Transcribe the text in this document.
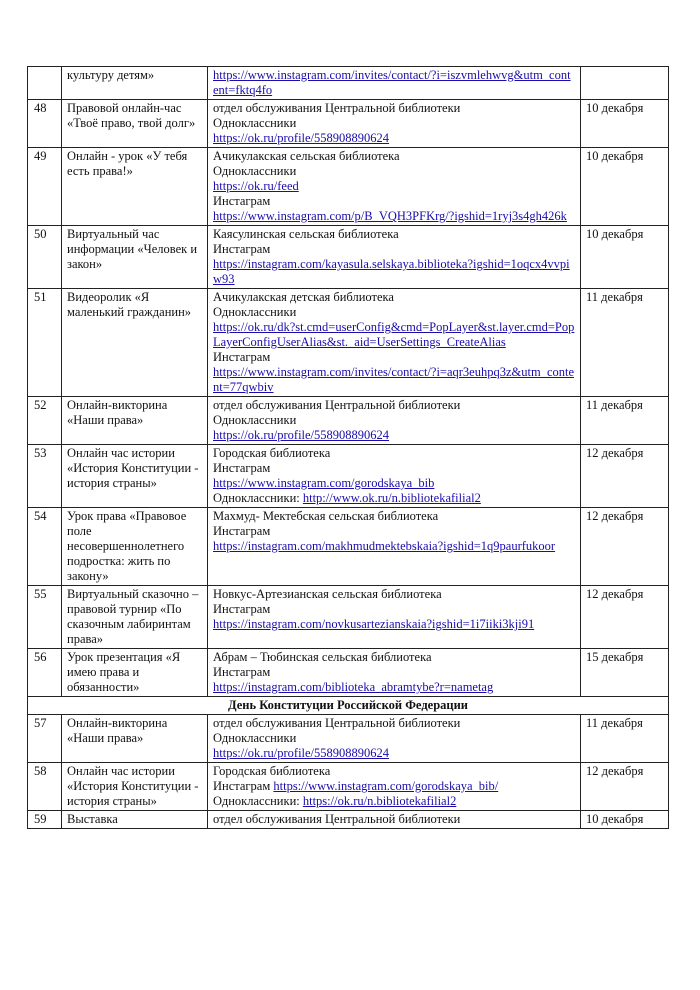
	культуру детям»	https://www.instagram.com/invites/contact/?i=iszvmlehwvg&utm_content=fktq4fo	

48	Правовой онлайн-час «Твоё право, твой долг»	отдел обслуживания Центральной библиотеки
Одноклассники
https://ok.ru/profile/558908890624	10 декабря
49	Онлайн - урок «У тебя есть права!»	Ачикулакская сельская библиотека
Одноклассники
https://ok.ru/feed
Инстаграм
https://www.instagram.com/p/B_VQH3PFKrg/?igshid=1ryj3s4gh426k	10 декабря
50	Виртуальный час информации «Человек и закон»	Каясулинская сельская библиотека
Инстаграм
https://instagram.com/kayasula.selskaya.biblioteka?igshid=1oqcx4vvpiw93	10 декабря
51	Видеоролик «Я маленький гражданин»	Ачикулакская детская библиотека
Одноклассники
https://ok.ru/dk?st.cmd=userConfig&cmd=PopLayer&st.layer.cmd=PopLayerConfigUserAlias&st._aid=UserSettings_CreateAlias
Инстаграм
https://www.instagram.com/invites/contact/?i=aqr3euhpq3z&utm_content=77qwbiv	11 декабря
52	Онлайн-викторина «Наши права»	отдел обслуживания Центральной библиотеки
Одноклассники
https://ok.ru/profile/558908890624	11 декабря
53	Онлайн час истории «История Конституции - история страны»	Городская библиотека
Инстаграм
https://www.instagram.com/gorodskaya_bib
Одноклассники: http://www.ok.ru/n.bibliotekafilial2	12 декабря
54	Урок права «Правовое поле несовершеннолетнего подростка: жить по закону»	Махмуд- Мектебская сельская библиотека
Инстаграм
https://instagram.com/makhmudmektebskaia?igshid=1q9paurfukoor	12 декабря
55	Виртуальный сказочно – правовой турнир «По сказочным лабиринтам права»	Новкус-Артезианская сельская библиотека
Инстаграм
https://instagram.com/novkusartezianskaia?igshid=1i7iiki3kji91	12 декабря
56	Урок презентация «Я имею права и обязанности»	Абрам – Тюбинская сельская библиотека
Инстаграм
https://instagram.com/biblioteka_abramtybe?r=nametag	15 декабря
День Конституции Российской Федерации			
57	Онлайн-викторина «Наши права»	отдел обслуживания Центральной библиотеки
Одноклассники
https://ok.ru/profile/558908890624	11 декабря
58	Онлайн час истории «История Конституции - история страны»	Городская библиотека
Инстаграм https://www.instagram.com/gorodskaya_bib/
Одноклассники: https://ok.ru/n.bibliotekafilial2	12 декабря
59	Выставка	отдел обслуживания Центральной библиотеки	10 декабря
